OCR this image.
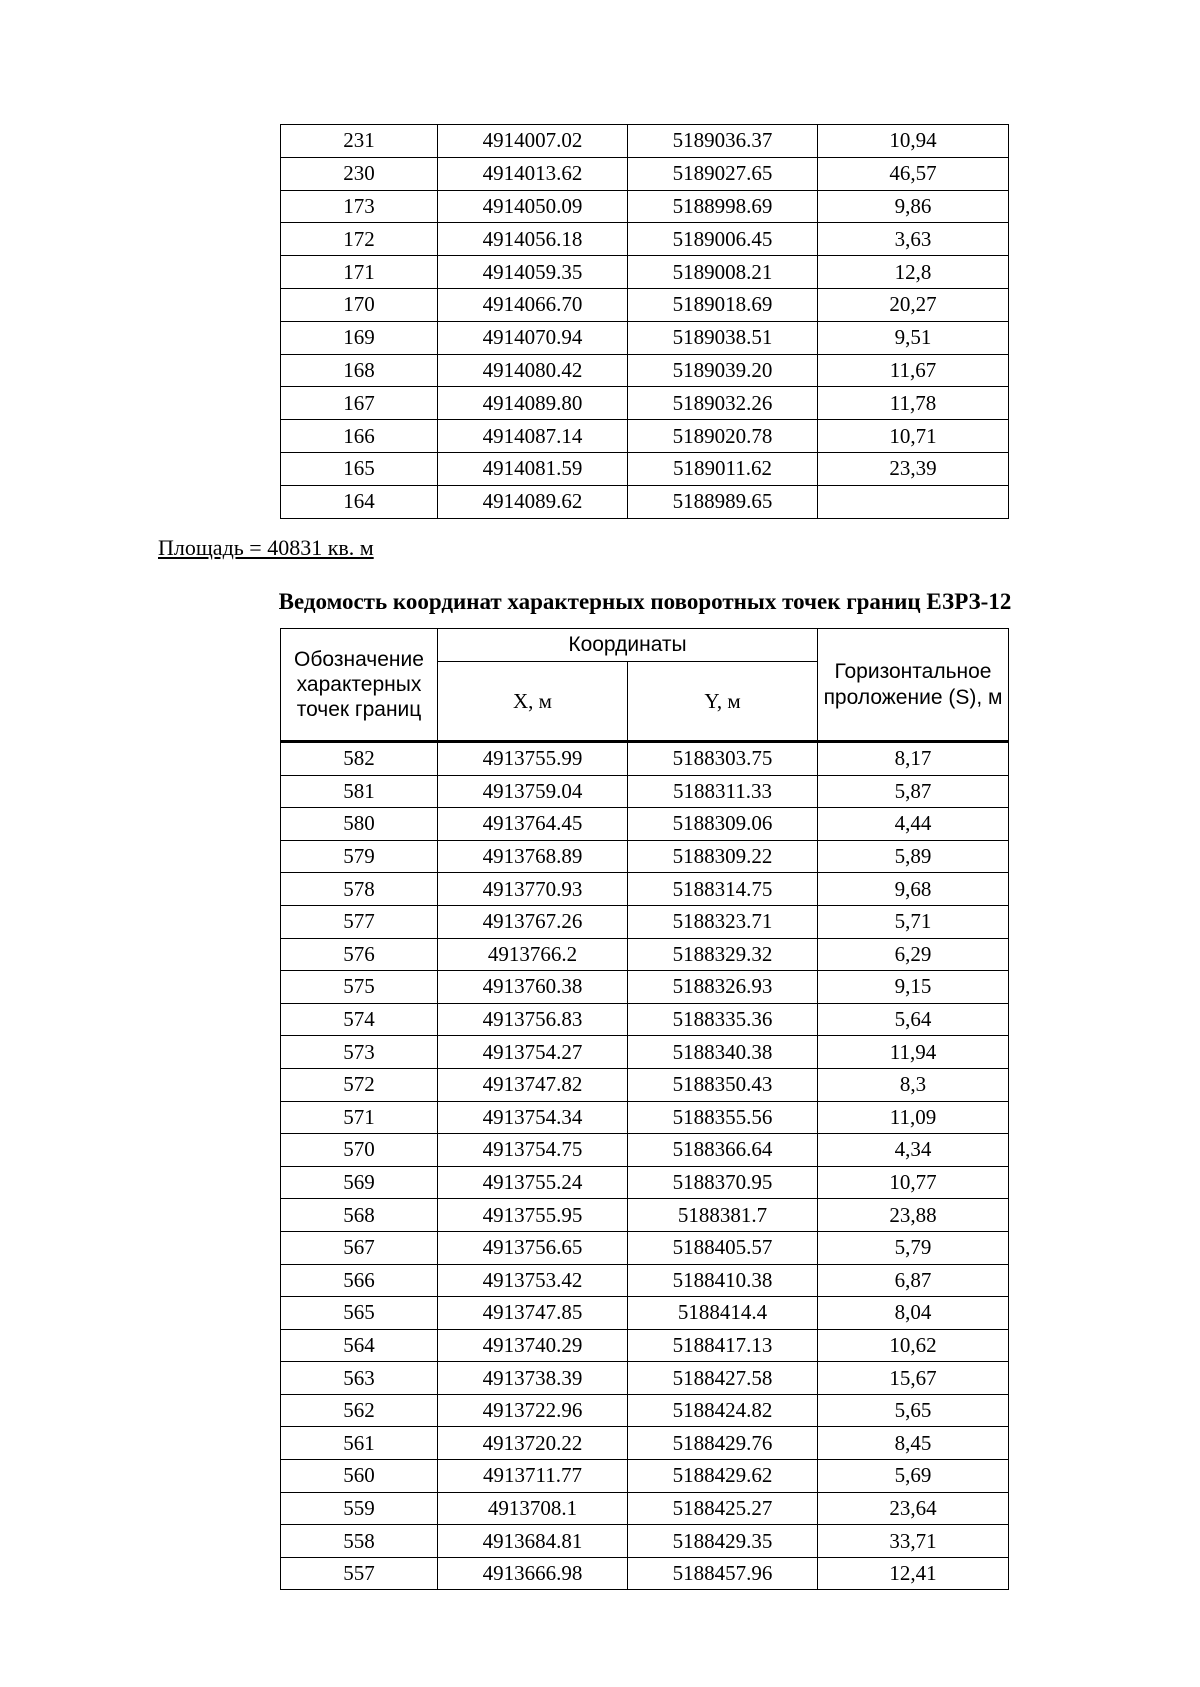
231	4914007.02	5189036.37	10,94
230	4914013.62	5189027.65	46,57
173	4914050.09	5188998.69	9,86
172	4914056.18	5189006.45	3,63
171	4914059.35	5189008.21	12,8
170	4914066.70	5189018.69	20,27
169	4914070.94	5189038.51	9,51
168	4914080.42	5189039.20	11,67
167	4914089.80	5189032.26	11,78
166	4914087.14	5189020.78	10,71
165	4914081.59	5189011.62	23,39
164	4914089.62	5188989.65	
Площадь = 40831 кв. м
Ведомость координат характерных поворотных точек границ ЕЗРЗ-12
Обозначение характерных точек границ	Координаты		Горизонтальное проложение (S), м
	X, м	Y, м	
582	4913755.99	5188303.75	8,17
581	4913759.04	5188311.33	5,87
580	4913764.45	5188309.06	4,44
579	4913768.89	5188309.22	5,89
578	4913770.93	5188314.75	9,68
577	4913767.26	5188323.71	5,71
576	4913766.2	5188329.32	6,29
575	4913760.38	5188326.93	9,15
574	4913756.83	5188335.36	5,64
573	4913754.27	5188340.38	11,94
572	4913747.82	5188350.43	8,3
571	4913754.34	5188355.56	11,09
570	4913754.75	5188366.64	4,34
569	4913755.24	5188370.95	10,77
568	4913755.95	5188381.7	23,88
567	4913756.65	5188405.57	5,79
566	4913753.42	5188410.38	6,87
565	4913747.85	5188414.4	8,04
564	4913740.29	5188417.13	10,62
563	4913738.39	5188427.58	15,67
562	4913722.96	5188424.82	5,65
561	4913720.22	5188429.76	8,45
560	4913711.77	5188429.62	5,69
559	4913708.1	5188425.27	23,64
558	4913684.81	5188429.35	33,71
557	4913666.98	5188457.96	12,41
